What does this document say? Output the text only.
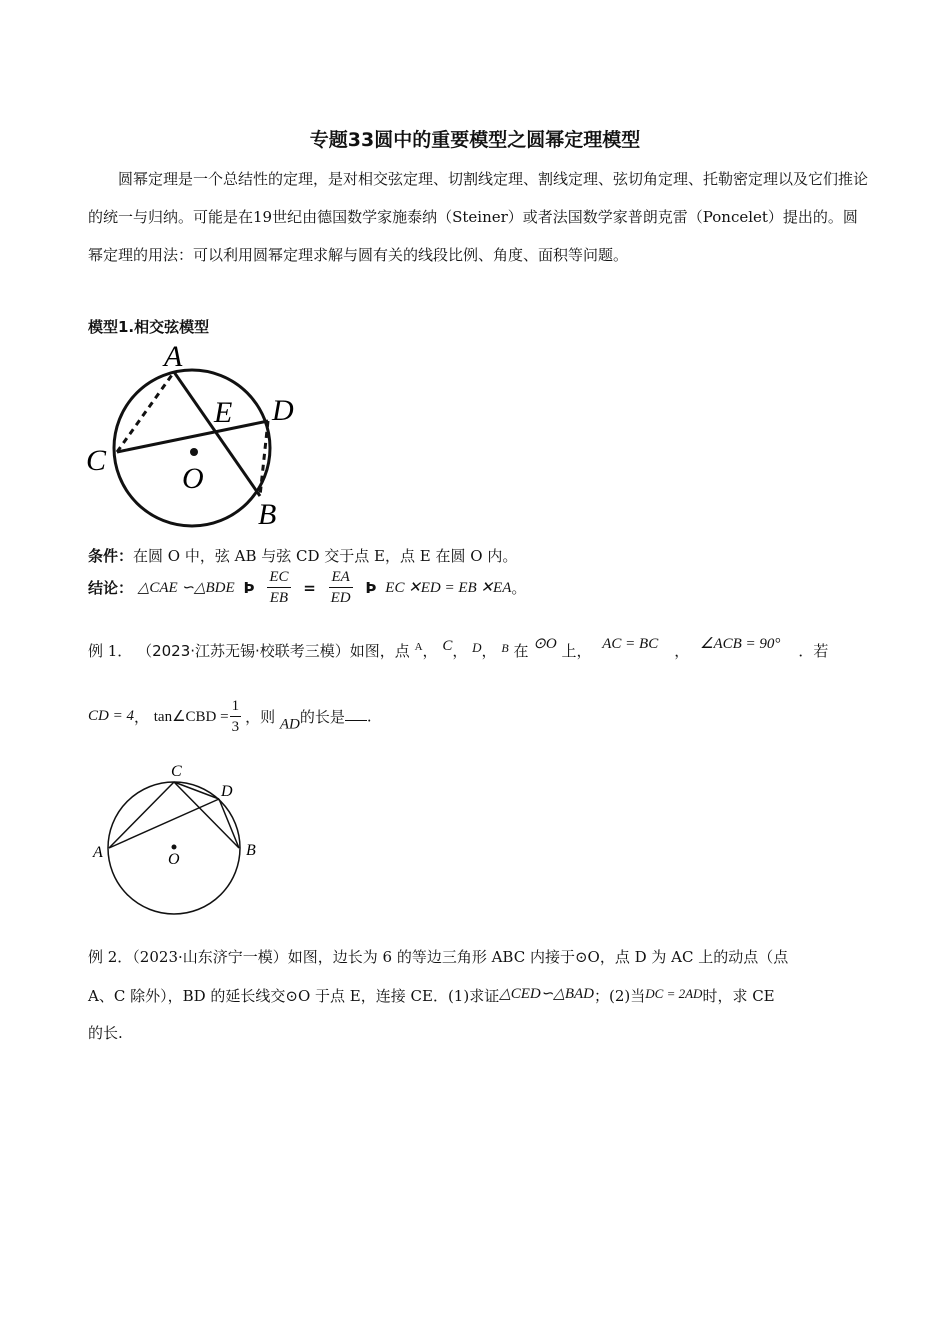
专题33圆中的重要模型之圆幂定理模型
圆幂定理是一个总结性的定理，是对相交弦定理、切割线定理、割线定理、弦切角定理、托勒密定理以及它们推论的统一与归纳。可能是在19世纪由德国数学家施泰纳（Steiner）或者法国数学家普朗克雷（Poncelet）提出的。圆幂定理的用法：可以利用圆幂定理求解与圆有关的线段比例、角度、面积等问题。
模型1.相交弦模型
A
B
C
D
E
O
条件：在圆 O 中，弦 AB 与弦 CD 交于点 E，点 E 在圆 O 内。
结论： △CAE ∽△BDE Þ $\frac{EC}{EB} = \frac{EA}{ED}$ Þ EC ✕ED = EB ✕EA。
例 1． （2023·江苏无锡·校联考三模）如图，点 $^A$， C， D， $^B$ 在 ⊙O 上， AC = BC ， ∠ACB = 90° ．若
CD = 4， tan∠CBD = $\frac{1}{3}$ ，则 AD的长是 .
C
D
A	B
O
例 2．（2023·山东济宁一模）如图，边长为 6 的等边三角形 ABC 内接于⊙O，点 D 为 AC 上的动点（点
A、C 除外），BD 的延长线交⊙O 于点 E，连接 CE．(1)求证△CED∽△BAD；(2)当DC = 2AD时，求 CE
的长.
